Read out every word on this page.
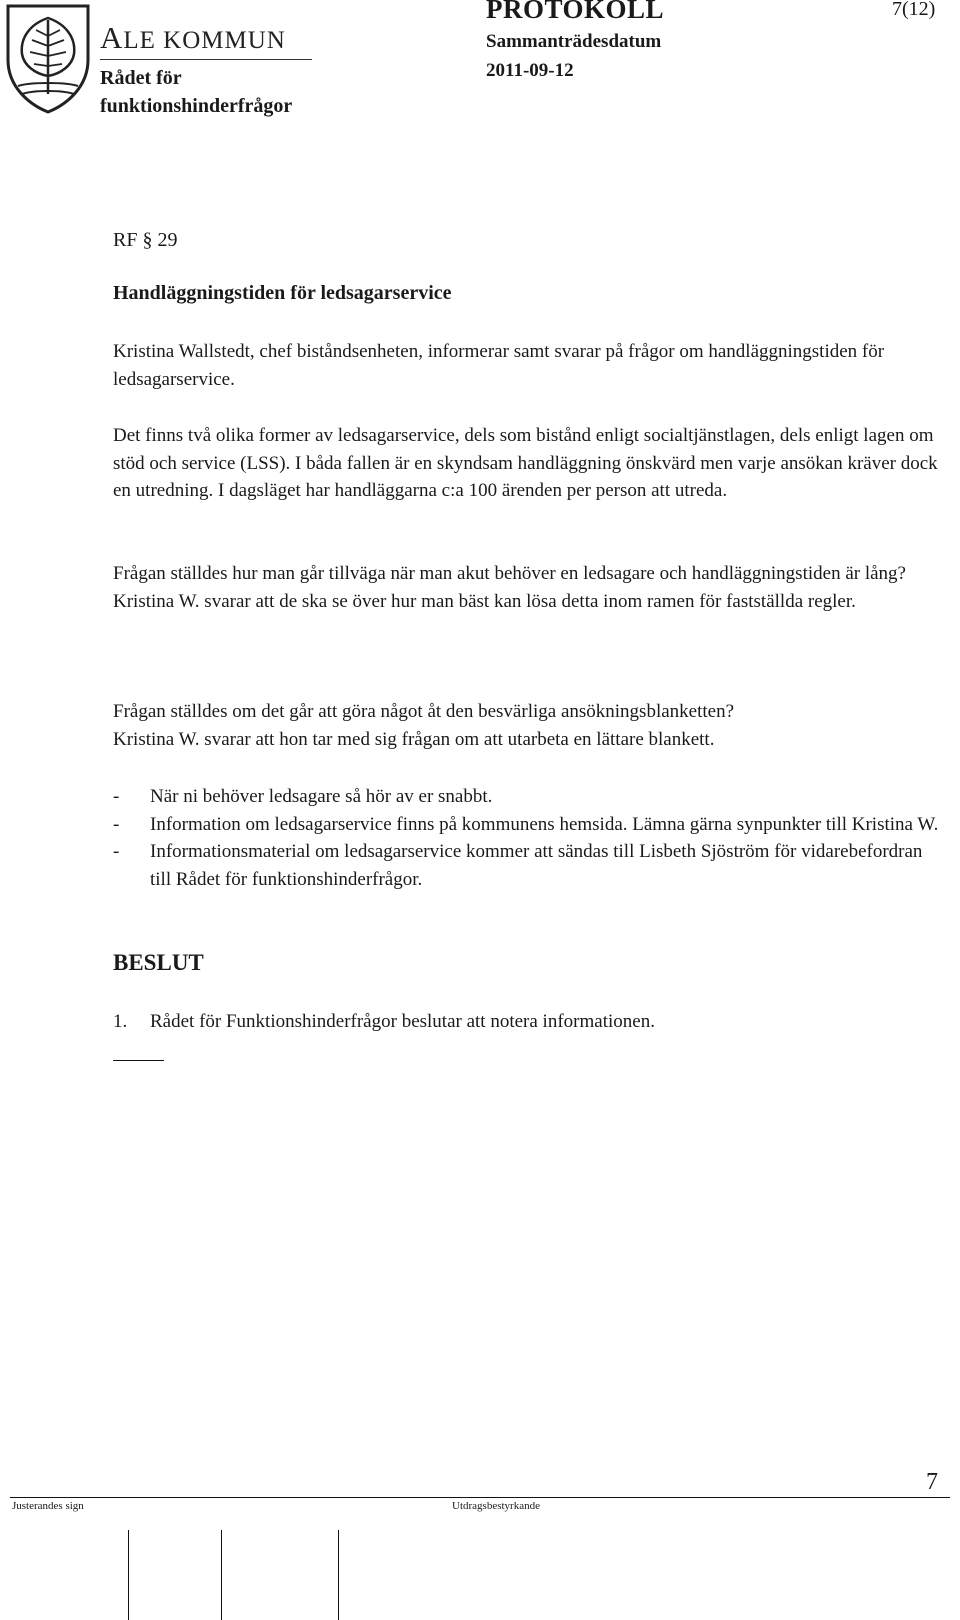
ALE KOMMUN
Rådet för
funktionshinderfrågor
PROTOKOLL
Sammanträdesdatum
2011-09-12
7(12)
RF § 29
Handläggningstiden för ledsagarservice
Kristina Wallstedt, chef biståndsenheten, informerar samt svarar på frågor om handläggningstiden för ledsagarservice.
Det finns två olika former av ledsagarservice, dels som bistånd enligt socialtjänstlagen, dels enligt lagen om stöd och service (LSS). I båda fallen är en skyndsam handläggning önskvärd men varje ansökan kräver dock en utredning. I dagsläget har handläggarna c:a 100 ärenden per person att utreda.
Frågan ställdes hur man går tillväga när man akut behöver en ledsagare och handläggningstiden är lång?
Kristina W. svarar att de ska se över hur man bäst kan lösa detta inom ramen för fastställda regler.
Frågan ställdes om det går att göra något åt den besvärliga ansökningsblanketten?
Kristina W. svarar att hon tar med sig frågan om att utarbeta en lättare blankett.
-	När ni behöver ledsagare så hör av er snabbt.
-	Information om ledsagarservice finns på kommunens hemsida. Lämna gärna synpunkter till Kristina W.
-	Informationsmaterial om ledsagarservice kommer att sändas till Lisbeth Sjöström för vidarebefordran till Rådet för funktionshinderfrågor.
BESLUT
1.	Rådet för Funktionshinderfrågor beslutar att notera informationen.
7
Justerandes sign	Utdragsbestyrkande
